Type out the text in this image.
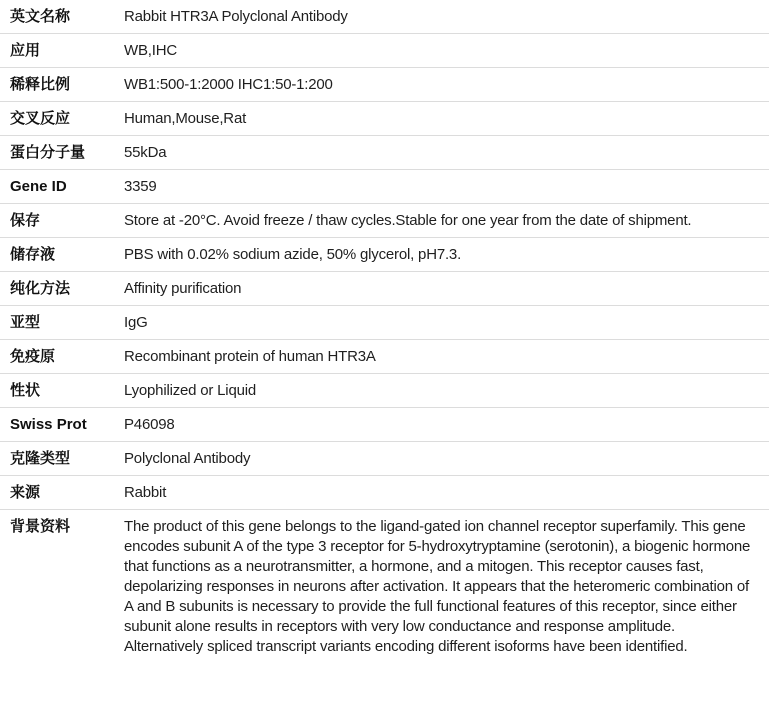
英文名称	Rabbit HTR3A Polyclonal Antibody
应用	WB,IHC
稀释比例	WB1:500-1:2000 IHC1:50-1:200
交叉反应	Human,Mouse,Rat
蛋白分子量	55kDa
Gene ID	3359
保存	Store at -20°C. Avoid freeze / thaw cycles.Stable for one year from the date of shipment.
储存液	PBS with 0.02% sodium azide, 50% glycerol, pH7.3.
纯化方法	Affinity purification
亚型	IgG
免疫原	Recombinant protein of human HTR3A
性状	Lyophilized or Liquid
Swiss Prot	P46098
克隆类型	Polyclonal Antibody
来源	Rabbit
背景资料	The product of this gene belongs to the ligand-gated ion channel receptor superfamily. This gene encodes subunit A of the type 3 receptor for 5-hydroxytryptamine (serotonin), a biogenic hormone that functions as a neurotransmitter, a hormone, and a mitogen. This receptor causes fast, depolarizing responses in neurons after activation. It appears that the heteromeric combination of A and B subunits is necessary to provide the full functional features of this receptor, since either subunit alone results in receptors with very low conductance and response amplitude. Alternatively spliced transcript variants encoding different isoforms have been identified.
